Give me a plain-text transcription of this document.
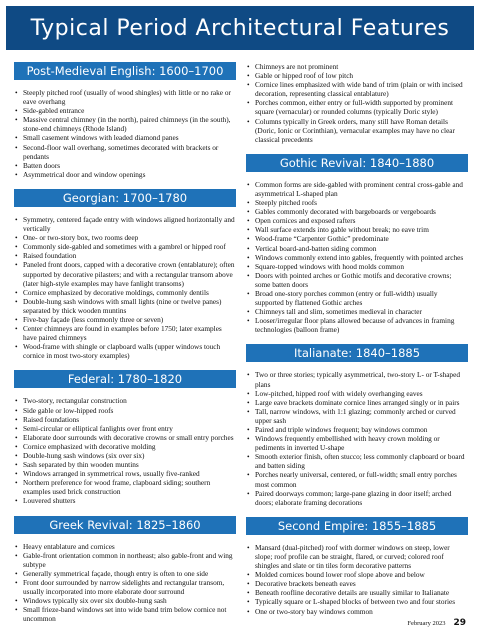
Typical Period Architectural Features
Post-Medieval English: 1600–1700
• Steeply pitched roof (usually of wood shingles) with little or no rake or eave overhang
• Side-gabled entrance
• Massive central chimney (in the north), paired chimneys (in the south), stone-end chimneys (Rhode Island)
• Small casement windows with leaded diamond panes
• Second-floor wall overhang, sometimes decorated with brackets or pendants
• Batten doors
• Asymmetrical door and window openings
Georgian: 1700–1780
• Symmetry, centered façade entry with windows aligned horizontally and vertically
• One- or two-story box, two rooms deep
• Commonly side-gabled and sometimes with a gambrel or hipped roof
• Raised foundation
• Paneled front doors, capped with a decorative crown (entablature); often supported by decorative pilasters; and with a rectangular transom above (later high-style examples may have fanlight transoms)
• Cornice emphasized by decorative moldings, commonly dentils
• Double-hung sash windows with small lights (nine or twelve panes) separated by thick wooden muntins
• Five-bay façade (less commonly three or seven)
• Center chimneys are found in examples before 1750; later examples have paired chimneys
• Wood-frame with shingle or clapboard walls (upper windows touch cornice in most two-story examples)
Federal: 1780–1820
• Two-story, rectangular construction
• Side gable or low-hipped roofs
• Raised foundations
• Semi-circular or elliptical fanlights over front entry
• Elaborate door surrounds with decorative crowns or small entry porches
• Cornice emphasized with decorative molding
• Double-hung sash windows (six over six)
• Sash separated by thin wooden muntins
• Windows arranged in symmetrical rows, usually five-ranked
• Northern preference for wood frame, clapboard siding; southern examples used brick construction
• Louvered shutters
Greek Revival: 1825–1860
• Heavy entablature and cornices
• Gable-front orientation common in northeast; also gable-front and wing subtype
• Generally symmetrical façade, though entry is often to one side
• Front door surrounded by narrow sidelights and rectangular transom, usually incorporated into more elaborate door surround
• Windows typically six over six double-hung sash
• Small frieze-band windows set into wide band trim below cornice not uncommon
• Chimneys are not prominent
• Gable or hipped roof of low pitch
• Cornice lines emphasized with wide band of trim (plain or with incised decoration, representing classical entablature)
• Porches common, either entry or full-width supported by prominent square (vernacular) or rounded columns (typically Doric style)
• Columns typically in Greek orders, many still have Roman details (Doric, Ionic or Corinthian), vernacular examples may have no clear classical precedents
Gothic Revival: 1840–1880
• Common forms are side-gabled with prominent central cross-gable and asymmetrical L-shaped plan
• Steeply pitched roofs
• Gables commonly decorated with bargeboards or vergeboards
• Open cornices and exposed rafters
• Wall surface extends into gable without break; no eave trim
• Wood-frame “Carpenter Gothic” predominate
• Vertical board-and-batten siding common
• Windows commonly extend into gables, frequently with pointed arches
• Square-topped windows with hood molds common
• Doors with pointed arches or Gothic motifs and decorative crowns; some batten doors
• Broad one-story porches common (entry or full-width) usually supported by flattened Gothic arches
• Chimneys tall and slim, sometimes medieval in character
• Looser/irregular floor plans allowed because of advances in framing technologies (balloon frame)
Italianate: 1840–1885
• Two or three stories; typically asymmetrical, two-story L- or T-shaped plans
• Low-pitched, hipped roof with widely overhanging eaves
• Large eave brackets dominate cornice lines arranged singly or in pairs
• Tall, narrow windows, with 1:1 glazing; commonly arched or curved upper sash
• Paired and triple windows frequent; bay windows common
• Windows frequently embellished with heavy crown molding or pediments in inverted U-shape
• Smooth exterior finish, often stucco; less commonly clapboard or board and batten siding
• Porches nearly universal, centered, or full-width; small entry porches most common
• Paired doorways common; large-pane glazing in door itself; arched doors; elaborate framing decorations
Second Empire: 1855–1885
• Mansard (dual-pitched) roof with dormer windows on steep, lower slope; roof profile can be straight, flared, or curved; colored roof shingles and slate or tin tiles form decorative patterns
• Molded cornices bound lower roof slope above and below
• Decorative brackets beneath eaves
• Beneath roofline decorative details are usually similar to Italianate
• Typically square or L-shaped blocks of between two and four stories
• One or two-story bay windows common
February 2023 29
